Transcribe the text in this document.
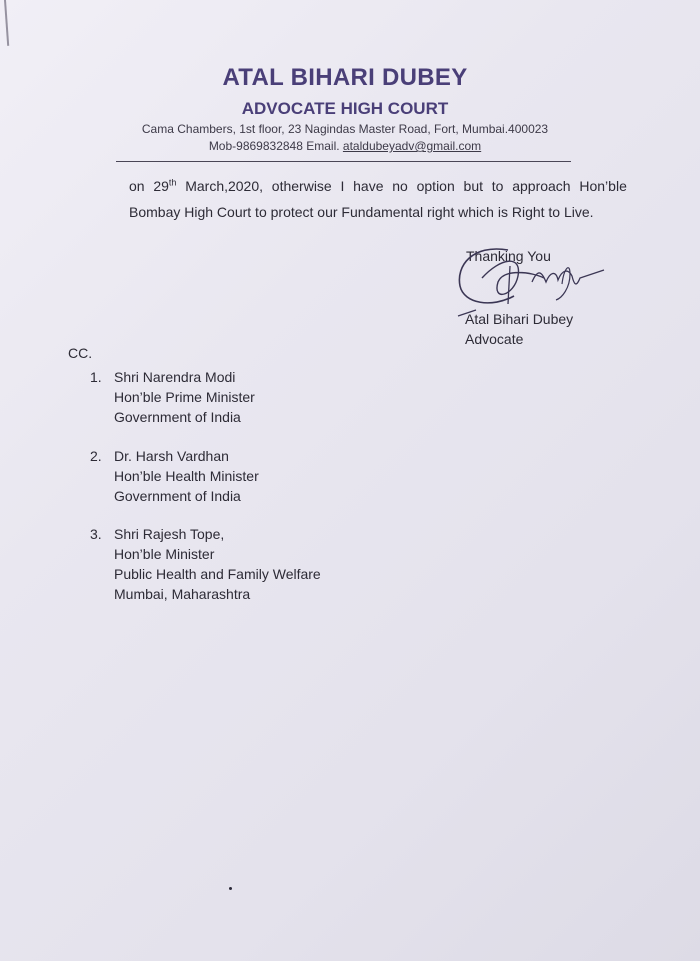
ATAL BIHARI DUBEY
ADVOCATE HIGH COURT
Cama Chambers, 1st floor, 23 Nagindas Master Road, Fort, Mumbai.400023
Mob-9869832848 Email. ataldubeyadv@gmail.com
on 29th March,2020, otherwise I have no option but to approach Hon’ble
Bombay High Court to protect our Fundamental right which is Right to Live.
Thanking You
Atal Bihari Dubey
Advocate
CC.
1. Shri Narendra Modi
Hon’ble Prime Minister
Government of India
2. Dr. Harsh Vardhan
Hon’ble Health Minister
Government of India
3. Shri Rajesh Tope,
Hon’ble Minister
Public Health and Family Welfare
Mumbai, Maharashtra
